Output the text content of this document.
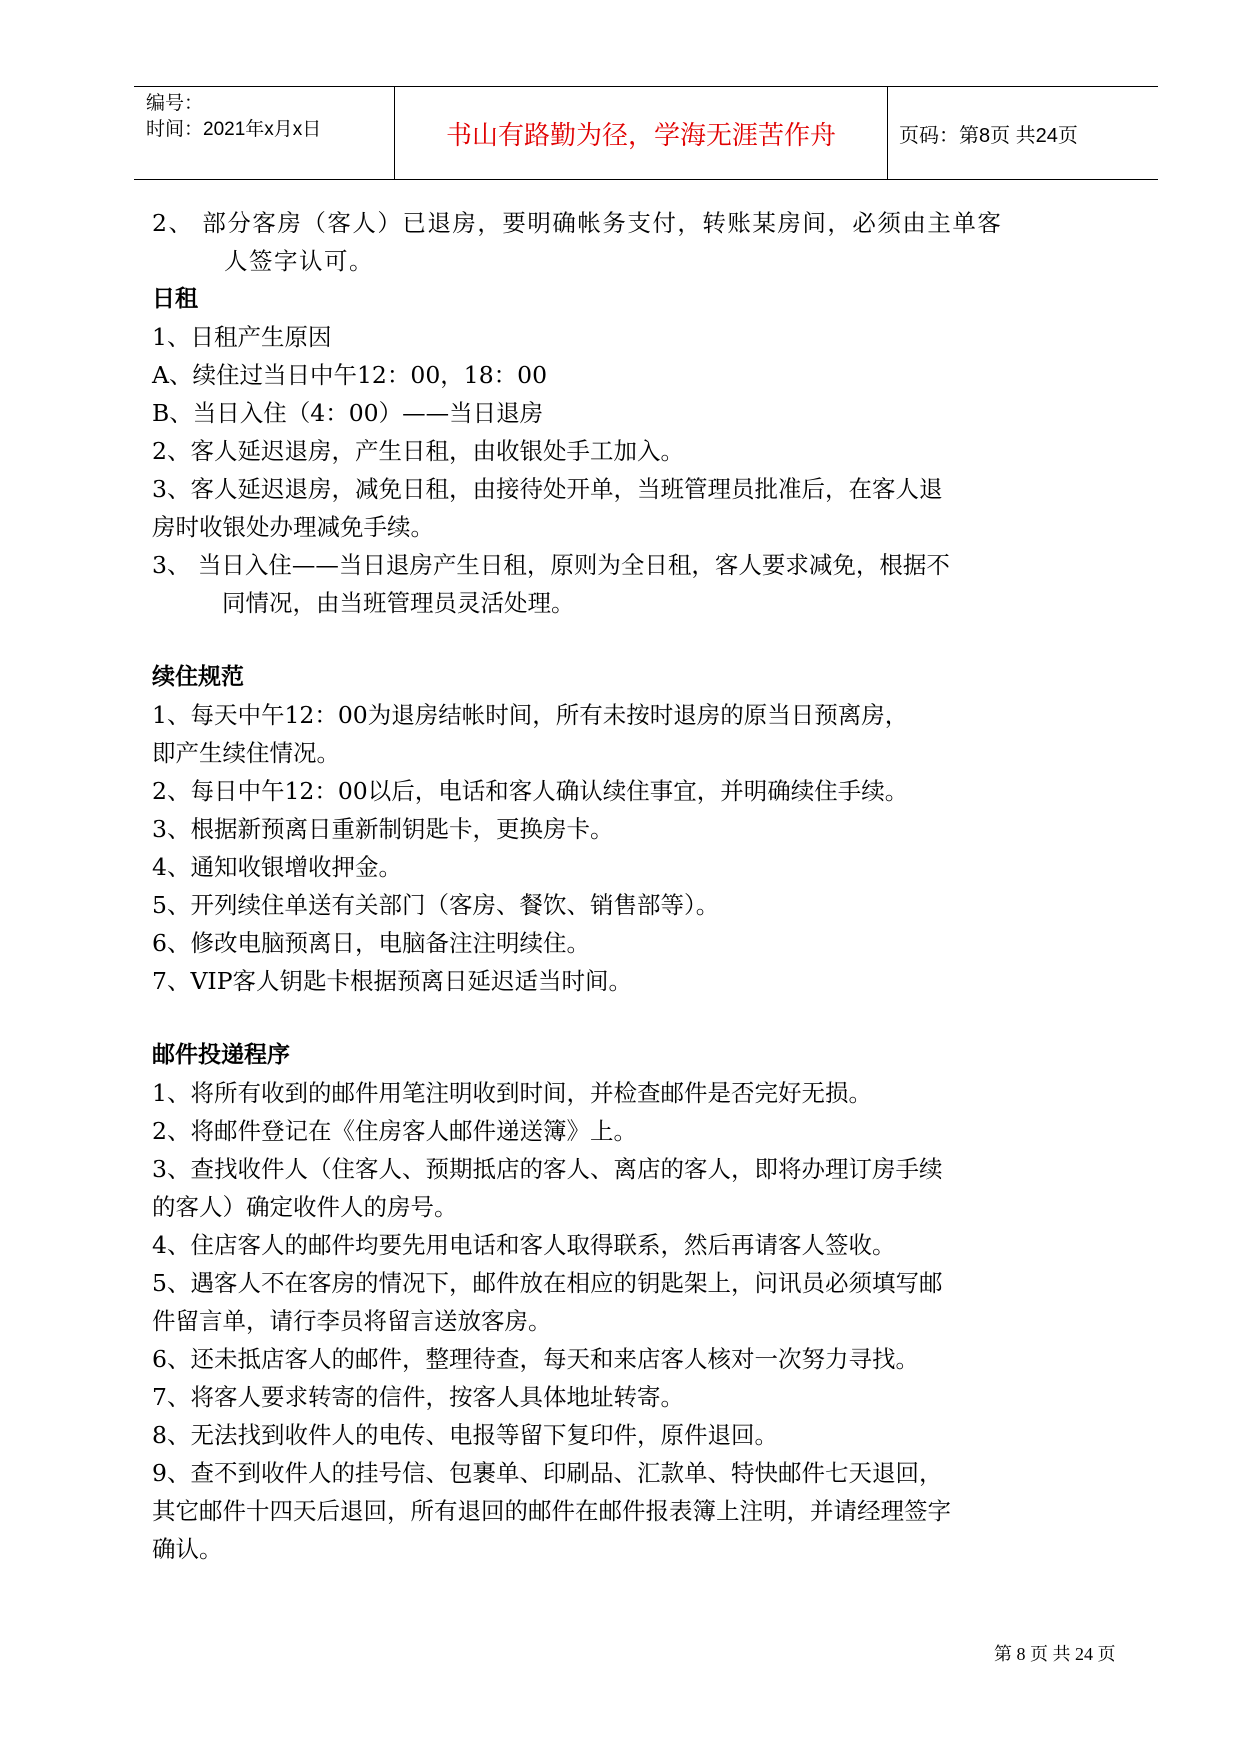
编号：
时间：2021年x月x日	书山有路勤为径，学海无涯苦作舟	页码：第8页 共24页

2、 部分客房（客人）已退房，要明确帐务支付，转账某房间，必须由主单客

人签字认可。

日租

1、日租产生原因

A、续住过当日中午12：00，18：00

B、当日入住（4：00）——当日退房

2、客人延迟退房，产生日租，由收银处手工加入。

3、客人延迟退房，减免日租，由接待处开单，当班管理员批准后，在客人退

房时收银处办理减免手续。

3、 当日入住——当日退房产生日租，原则为全日租，客人要求减免，根据不

同情况，由当班管理员灵活处理。

续住规范

1、每天中午12：00为退房结帐时间，所有未按时退房的原当日预离房，

即产生续住情况。

2、每日中午12：00以后，电话和客人确认续住事宜，并明确续住手续。

3、根据新预离日重新制钥匙卡，更换房卡。

4、通知收银增收押金。

5、开列续住单送有关部门（客房、餐饮、销售部等）。

6、修改电脑预离日，电脑备注注明续住。

7、VIP客人钥匙卡根据预离日延迟适当时间。

邮件投递程序

1、将所有收到的邮件用笔注明收到时间，并检查邮件是否完好无损。

2、将邮件登记在《住房客人邮件递送簿》上。

3、查找收件人（住客人、预期抵店的客人、离店的客人，即将办理订房手续

的客人）确定收件人的房号。

4、住店客人的邮件均要先用电话和客人取得联系，然后再请客人签收。

5、遇客人不在客房的情况下，邮件放在相应的钥匙架上，问讯员必须填写邮

件留言单，请行李员将留言送放客房。

6、还未抵店客人的邮件，整理待查，每天和来店客人核对一次努力寻找。

7、将客人要求转寄的信件，按客人具体地址转寄。

8、无法找到收件人的电传、电报等留下复印件，原件退回。

9、查不到收件人的挂号信、包裹单、印刷品、汇款单、特快邮件七天退回，

其它邮件十四天后退回，所有退回的邮件在邮件报表簿上注明，并请经理签字

确认。

第 8 页 共 24 页
